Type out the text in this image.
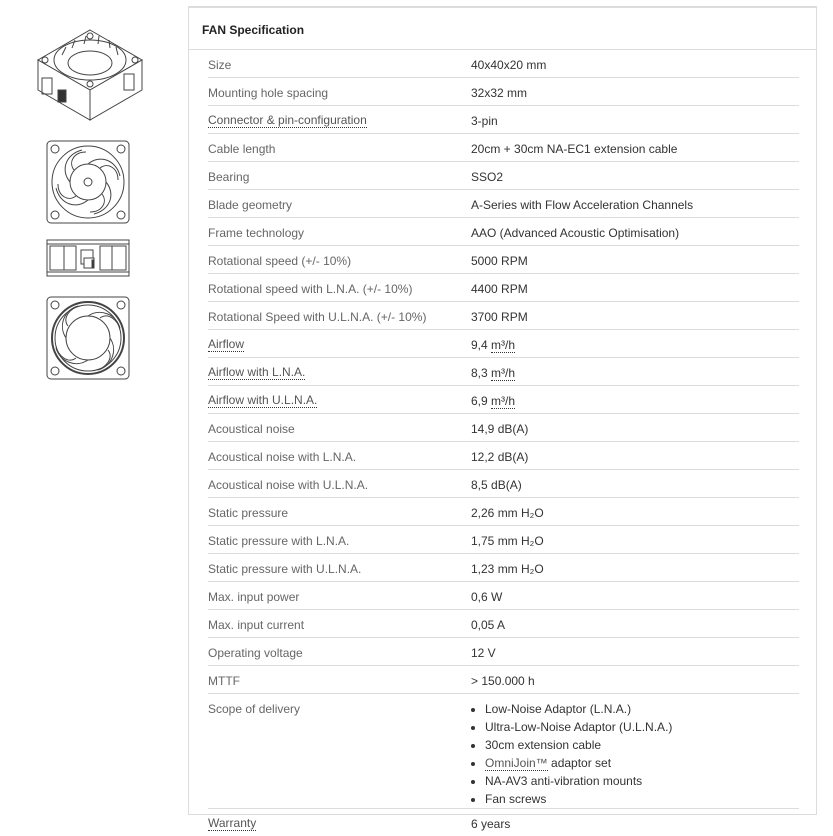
FAN Specification
Size	40x40x20 mm
Mounting hole spacing	32x32 mm
Connector & pin-configuration	3-pin
Cable length	20cm + 30cm NA-EC1 extension cable
Bearing	SSO2
Blade geometry	A-Series with Flow Acceleration Channels
Frame technology	AAO (Advanced Acoustic Optimisation)
Rotational speed (+/- 10%)	5000 RPM
Rotational speed with L.N.A. (+/- 10%)	4400 RPM
Rotational Speed with U.L.N.A. (+/- 10%)	3700 RPM
Airflow	9,4 m³/h
Airflow with L.N.A.	8,3 m³/h
Airflow with U.L.N.A.	6,9 m³/h
Acoustical noise	14,9 dB(A)
Acoustical noise with L.N.A.	12,2 dB(A)
Acoustical noise with U.L.N.A.	8,5 dB(A)
Static pressure	2,26 mm H₂O
Static pressure with L.N.A.	1,75 mm H₂O
Static pressure with U.L.N.A.	1,23 mm H₂O
Max. input power	0,6 W
Max. input current	0,05 A
Operating voltage	12 V
MTTF	> 150.000 h
Scope of delivery	• Low-Noise Adaptor (L.N.A.)
• Ultra-Low-Noise Adaptor (U.L.N.A.)
• 30cm extension cable
• OmniJoin™ adaptor set
• NA-AV3 anti-vibration mounts
• Fan screws
Warranty	6 years
